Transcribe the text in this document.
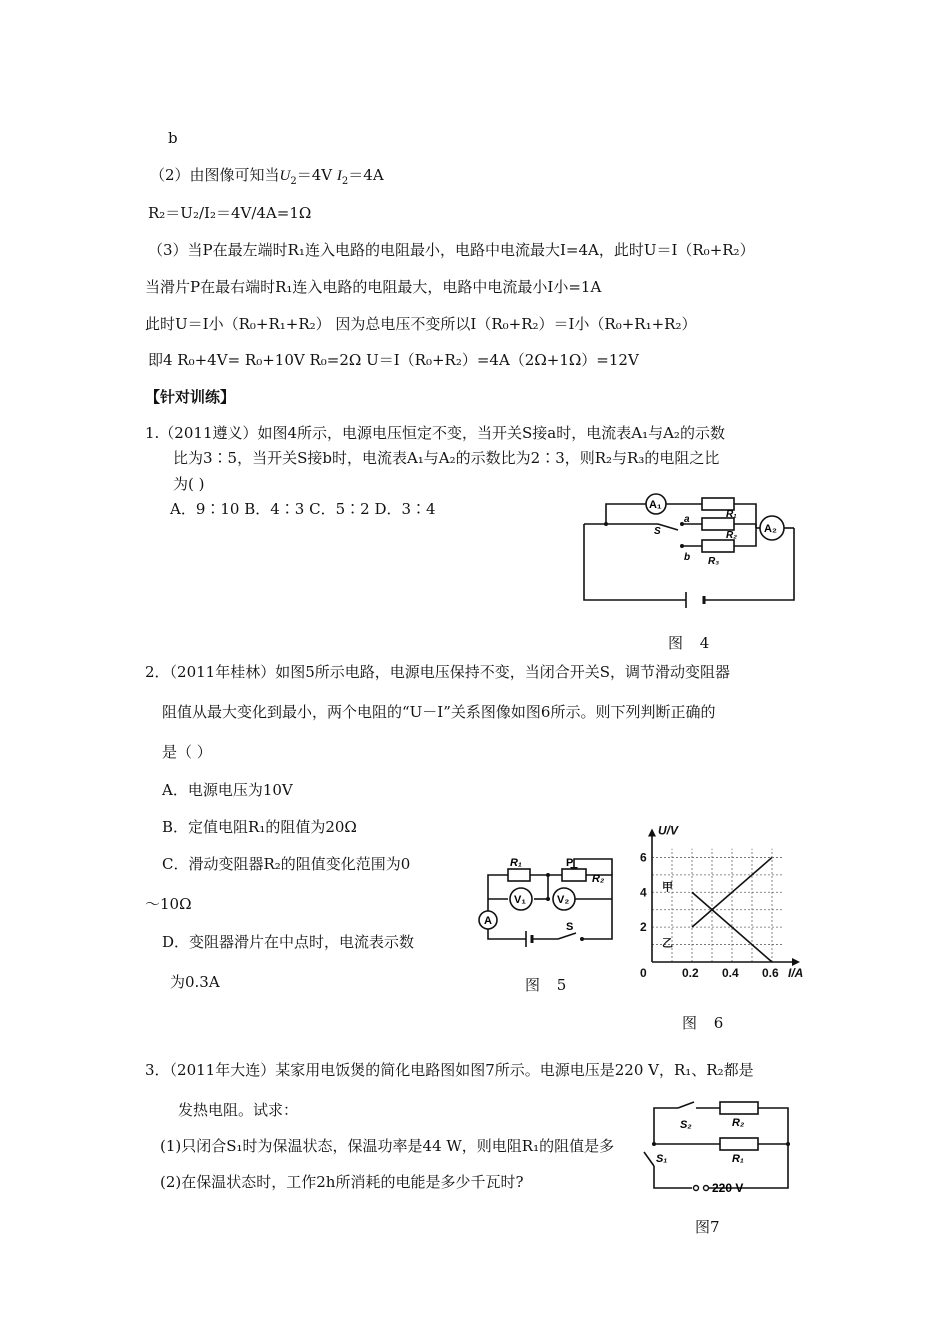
b
（2）由图像可知当$U_2=4V$ $I_2=4A$
R₂＝U₂/I₂＝4V/4A=1Ω
（3）当P在最左端时R₁连入电路的电阻最小，电路中电流最大I=4A，此时U＝I（R₀+R₂）
当滑片P在最右端时R₁连入电路的电阻最大，电路中电流最小I小=1A
此时U＝I小（R₀+R₁+R₂） 因为总电压不变所以I（R₀+R₂）＝I小（R₀+R₁+R₂）
即4 R₀+4V= R₀+10V R₀=2Ω U＝I（R₀+R₂）=4A（2Ω+1Ω）=12V
【针对训练】
1.（2011遵义）如图4所示，电源电压恒定不变，当开关S接a时，电流表A₁与A₂的示数
比为3∶5，当开关S接b时，电流表A₁与A₂的示数比为2∶3，则R₂与R₃的电阻之比
为( )
A．9∶10 B．4∶3 C．5∶2 D．3∶4	A₁
A₂
R₁
R₂
R₃
S
a
b
图 4
2．（2011年桂林）如图5所示电路，电源电压保持不变，当闭合开关S，调节滑动变阻器
阻值从最大变化到最小，两个电阻的“U－I”关系图像如图6所示。则下列判断正确的
是（ ）
A．电源电压为10V
B．定值电阻R₁的阻值为20Ω
C．滑动变阻器R₂的阻值变化范围为0
～10Ω
D．变阻器滑片在中点时，电流表示数
为0.3A
R₁	P
R₂
V₁	V₂
A	S
图 5
0.2 0.4 0.6
2
4
6
0
U/V
I/A
甲
乙
图 6
3．（2011年大连）某家用电饭煲的简化电路图如图7所示。电源电压是220 V，R₁、R₂都是
发热电阻。试求：
(1)只闭合S₁时为保温状态，保温功率是44 W，则电阻R₁的阻值是多
(2)在保温状态时，工作2h所消耗的电能是多少千瓦时?
S₂	R₂
S₁	R₁
220 V
图7
